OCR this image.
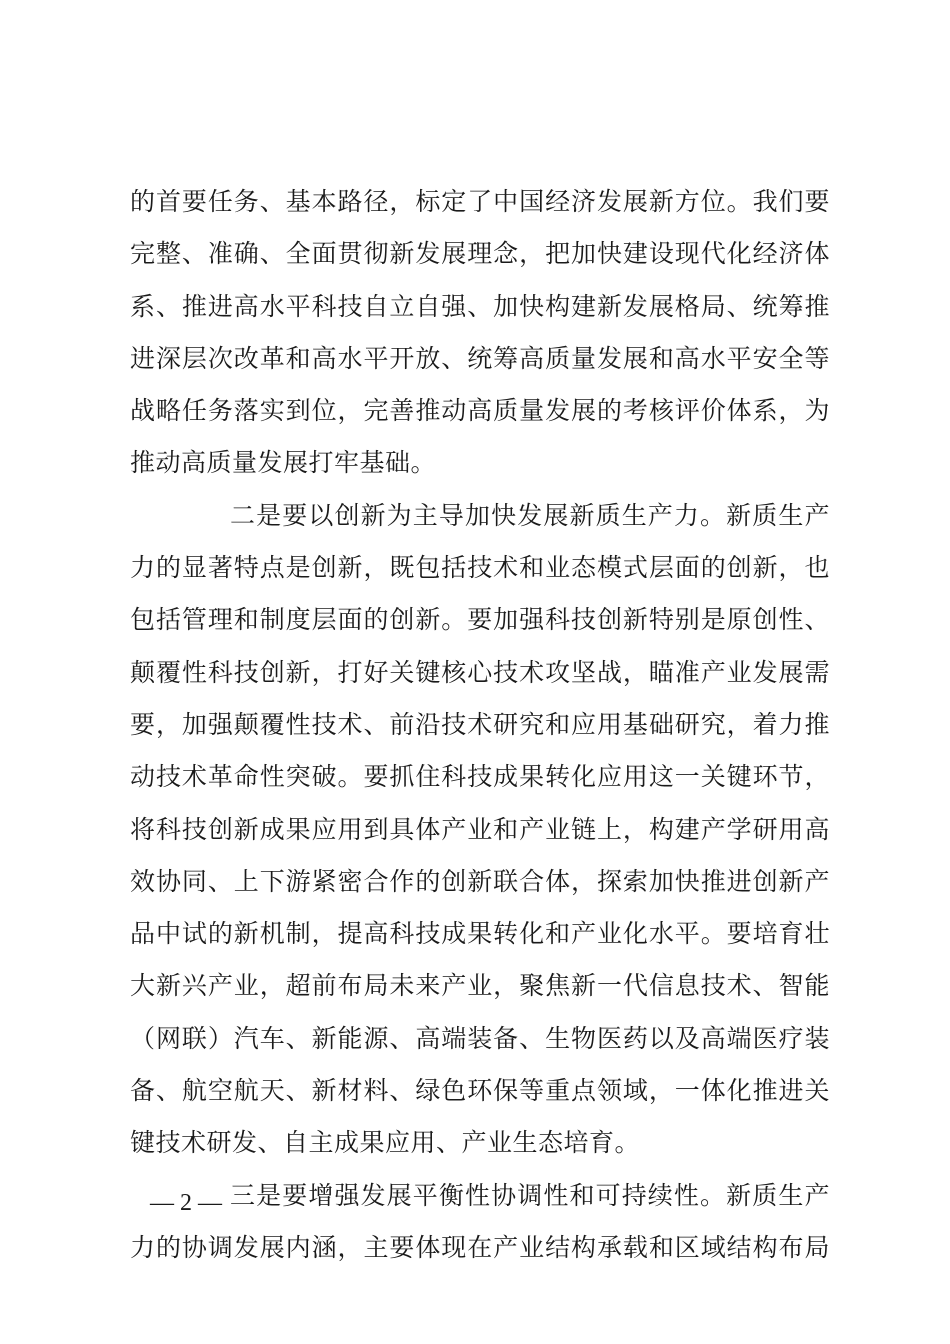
的首要任务、基本路径，标定了中国经济发展新方位。我们要
完整、准确、全面贯彻新发展理念，把加快建设现代化经济体
系、推进高水平科技自立自强、加快构建新发展格局、统筹推
进深层次改革和高水平开放、统筹高质量发展和高水平安全等
战略任务落实到位，完善推动高质量发展的考核评价体系，为
推动高质量发展打牢基础。
二是要以创新为主导加快发展新质生产力。新质生产
力的显著特点是创新，既包括技术和业态模式层面的创新，也
包括管理和制度层面的创新。要加强科技创新特别是原创性、
颠覆性科技创新，打好关键核心技术攻坚战，瞄准产业发展需
要，加强颠覆性技术、前沿技术研究和应用基础研究，着力推
动技术革命性突破。要抓住科技成果转化应用这一关键环节，
将科技创新成果应用到具体产业和产业链上，构建产学研用高
效协同、上下游紧密合作的创新联合体，探索加快推进创新产
品中试的新机制，提高科技成果转化和产业化水平。要培育壮
大新兴产业，超前布局未来产业，聚焦新一代信息技术、智能
（网联）汽车、新能源、高端装备、生物医药以及高端医疗装
备、航空航天、新材料、绿色环保等重点领域，一体化推进关
键技术研发、自主成果应用、产业生态培育。
三是要增强发展平衡性协调性和可持续性。新质生产
力的协调发展内涵，主要体现在产业结构承载和区域结构布局
— 2 —
